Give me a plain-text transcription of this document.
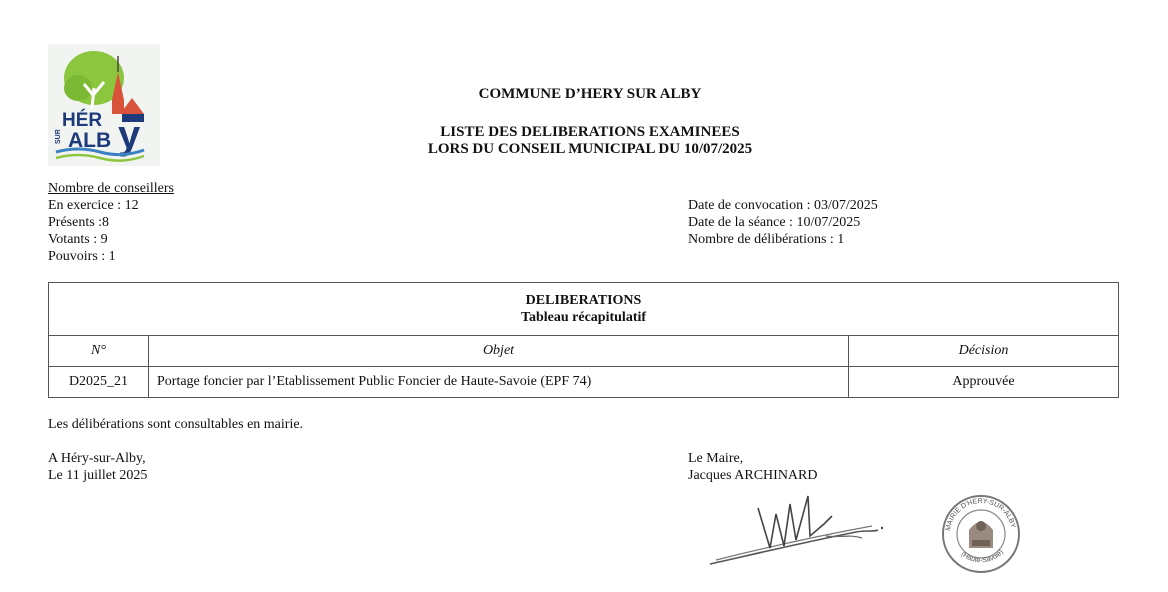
HÉR
ALB
SUR y
COMMUNE D’HERY SUR ALBY
LISTE DES DELIBERATIONS EXAMINEES
LORS DU CONSEIL MUNICIPAL DU 10/07/2025
Nombre de conseillers
En exercice : 12
Présents :8
Votants : 9
Pouvoirs : 1
Date de convocation : 03/07/2025
Date de la séance : 10/07/2025
Nombre de délibérations : 1
DELIBERATIONS
Tableau récapitulatif		

N°	Objet	Décision
D2025_21	Portage foncier par l’Etablissement Public Foncier de Haute-Savoie (EPF 74)	Approuvée
Les délibérations sont consultables en mairie.
A Héry-sur-Alby,
Le 11 juillet 2025
Le Maire,
Jacques ARCHINARD
MAIRIE D'HERY-SUR-ALBY
(Haute-Savoie)
